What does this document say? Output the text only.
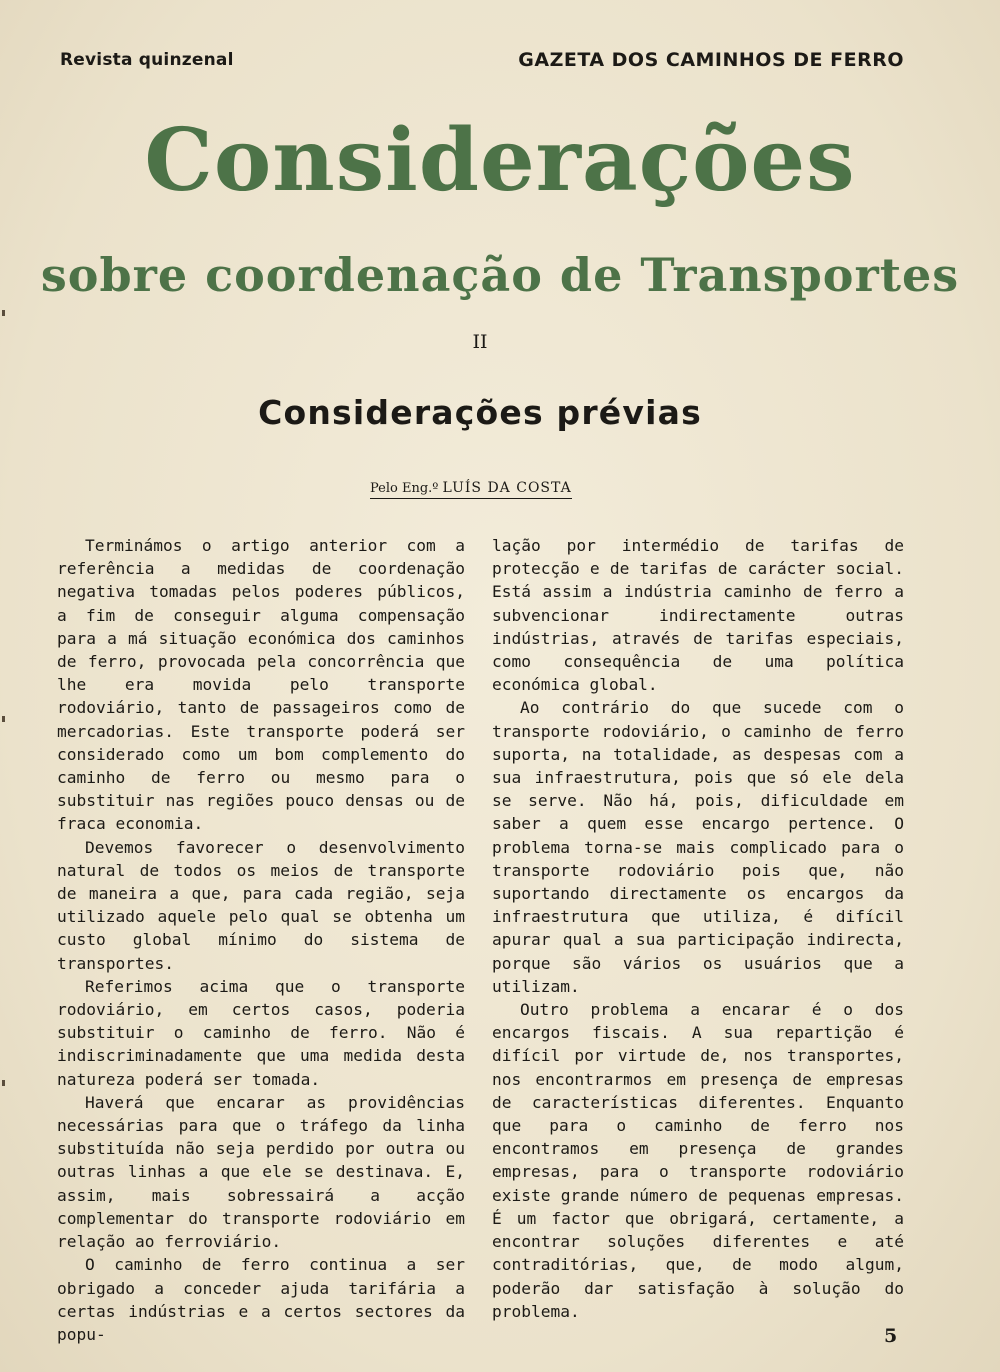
Revista quinzenal	GAZETA DOS CAMINHOS DE FERRO
Considerações
sobre coordenação de Transportes
II
Considerações prévias
Pelo Eng.º LUÍS DA COSTA

Terminámos o artigo anterior com a referência a medidas de coordenação negativa tomadas pelos poderes públicos, a fim de conseguir alguma compensação para a má situação económica dos caminhos de ferro, provocada pela concorrência que lhe era movida pelo transporte rodoviário, tanto de passageiros como de mercadorias. Este transporte poderá ser considerado como um bom complemento do caminho de ferro ou mesmo para o substituir nas regiões pouco densas ou de fraca economia.

Devemos favorecer o desenvolvimento natural de todos os meios de transporte de maneira a que, para cada região, seja utilizado aquele pelo qual se obtenha um custo global mínimo do sistema de transportes.

Referimos acima que o transporte rodoviário, em certos casos, poderia substituir o caminho de ferro. Não é indiscriminadamente que uma medida desta natureza poderá ser tomada.

Haverá que encarar as providências necessárias para que o tráfego da linha substituída não seja perdido por outra ou outras linhas a que ele se destinava. E, assim, mais sobressairá a acção complementar do transporte rodoviário em relação ao ferroviário.

O caminho de ferro continua a ser obrigado a conceder ajuda tarifária a certas indústrias e a certos sectores da popu-

lação por intermédio de tarifas de protecção e de tarifas de carácter social. Está assim a indústria caminho de ferro a subvencionar indirectamente outras indústrias, através de tarifas especiais, como consequência de uma política económica global.

Ao contrário do que sucede com o transporte rodoviário, o caminho de ferro suporta, na totalidade, as despesas com a sua infraestrutura, pois que só ele dela se serve. Não há, pois, dificuldade em saber a quem esse encargo pertence. O problema torna-se mais complicado para o transporte rodoviário pois que, não suportando directamente os encargos da infraestrutura que utiliza, é difícil apurar qual a sua participação indirecta, porque são vários os usuários que a utilizam.

Outro problema a encarar é o dos encargos fiscais. A sua repartição é difícil por virtude de, nos transportes, nos encontrarmos em presença de empresas de características diferentes. Enquanto que para o caminho de ferro nos encontramos em presença de grandes empresas, para o transporte rodoviário existe grande número de pequenas empresas. É um factor que obrigará, certamente, a encontrar soluções diferentes e até contraditórias, que, de modo algum, poderão dar satisfação à solução do problema.

5
